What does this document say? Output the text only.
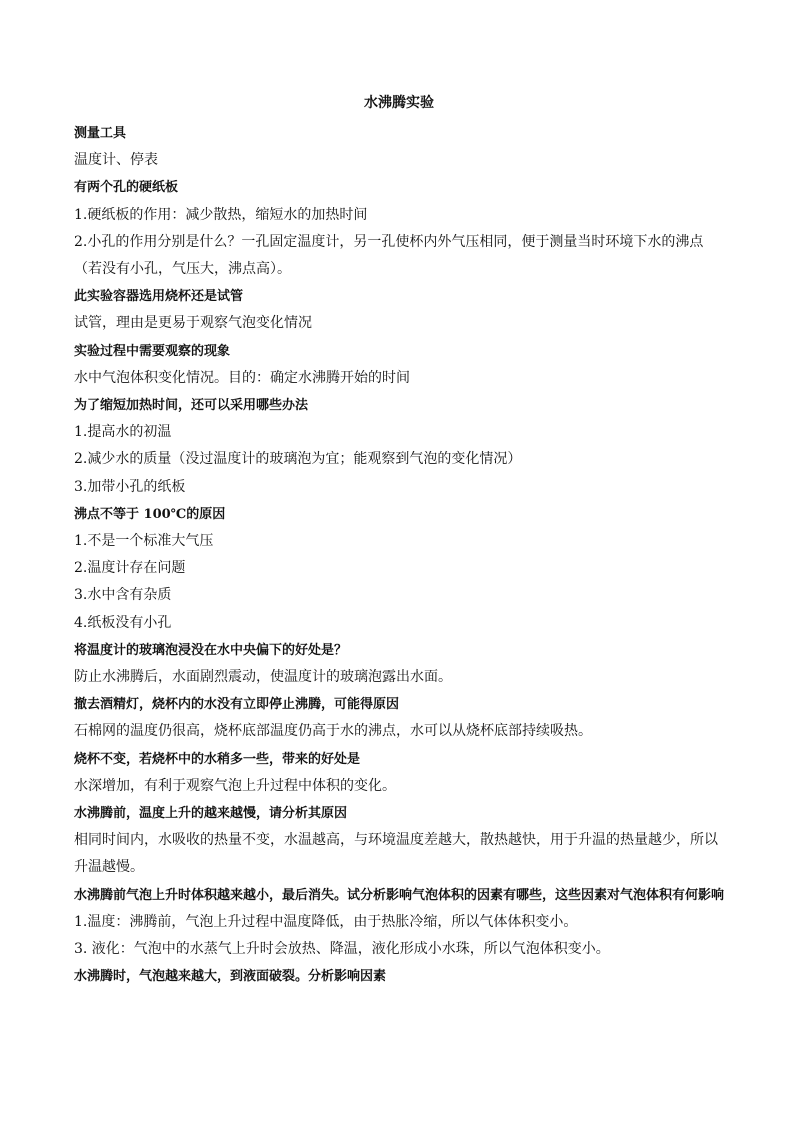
水沸腾实验

测量工具

温度计、停表

有两个孔的硬纸板

1.硬纸板的作用：减少散热，缩短水的加热时间

2.小孔的作用分别是什么？一孔固定温度计，另一孔使杯内外气压相同，便于测量当时环境下水的沸点（若没有小孔，气压大，沸点高）。

此实验容器选用烧杯还是试管

试管，理由是更易于观察气泡变化情况

实验过程中需要观察的现象

水中气泡体积变化情况。目的：确定水沸腾开始的时间

为了缩短加热时间，还可以采用哪些办法

1.提高水的初温

2.减少水的质量（没过温度计的玻璃泡为宜；能观察到气泡的变化情况）

3.加带小孔的纸板

沸点不等于 100℃的原因

1.不是一个标准大气压

2.温度计存在问题

3.水中含有杂质

4.纸板没有小孔

将温度计的玻璃泡浸没在水中央偏下的好处是？

防止水沸腾后，水面剧烈震动，使温度计的玻璃泡露出水面。

撤去酒精灯，烧杯内的水没有立即停止沸腾，可能得原因

石棉网的温度仍很高，烧杯底部温度仍高于水的沸点，水可以从烧杯底部持续吸热。

烧杯不变，若烧杯中的水稍多一些，带来的好处是

水深增加，有利于观察气泡上升过程中体积的变化。

水沸腾前，温度上升的越来越慢，请分析其原因

相同时间内，水吸收的热量不变，水温越高，与环境温度差越大，散热越快，用于升温的热量越少，所以升温越慢。

水沸腾前气泡上升时体积越来越小，最后消失。试分析影响气泡体积的因素有哪些，这些因素对气泡体积有何影响

1.温度：沸腾前，气泡上升过程中温度降低，由于热胀冷缩，所以气体体积变小。

3. 液化：气泡中的水蒸气上升时会放热、降温，液化形成小水珠，所以气泡体积变小。

水沸腾时，气泡越来越大，到液面破裂。分析影响因素
